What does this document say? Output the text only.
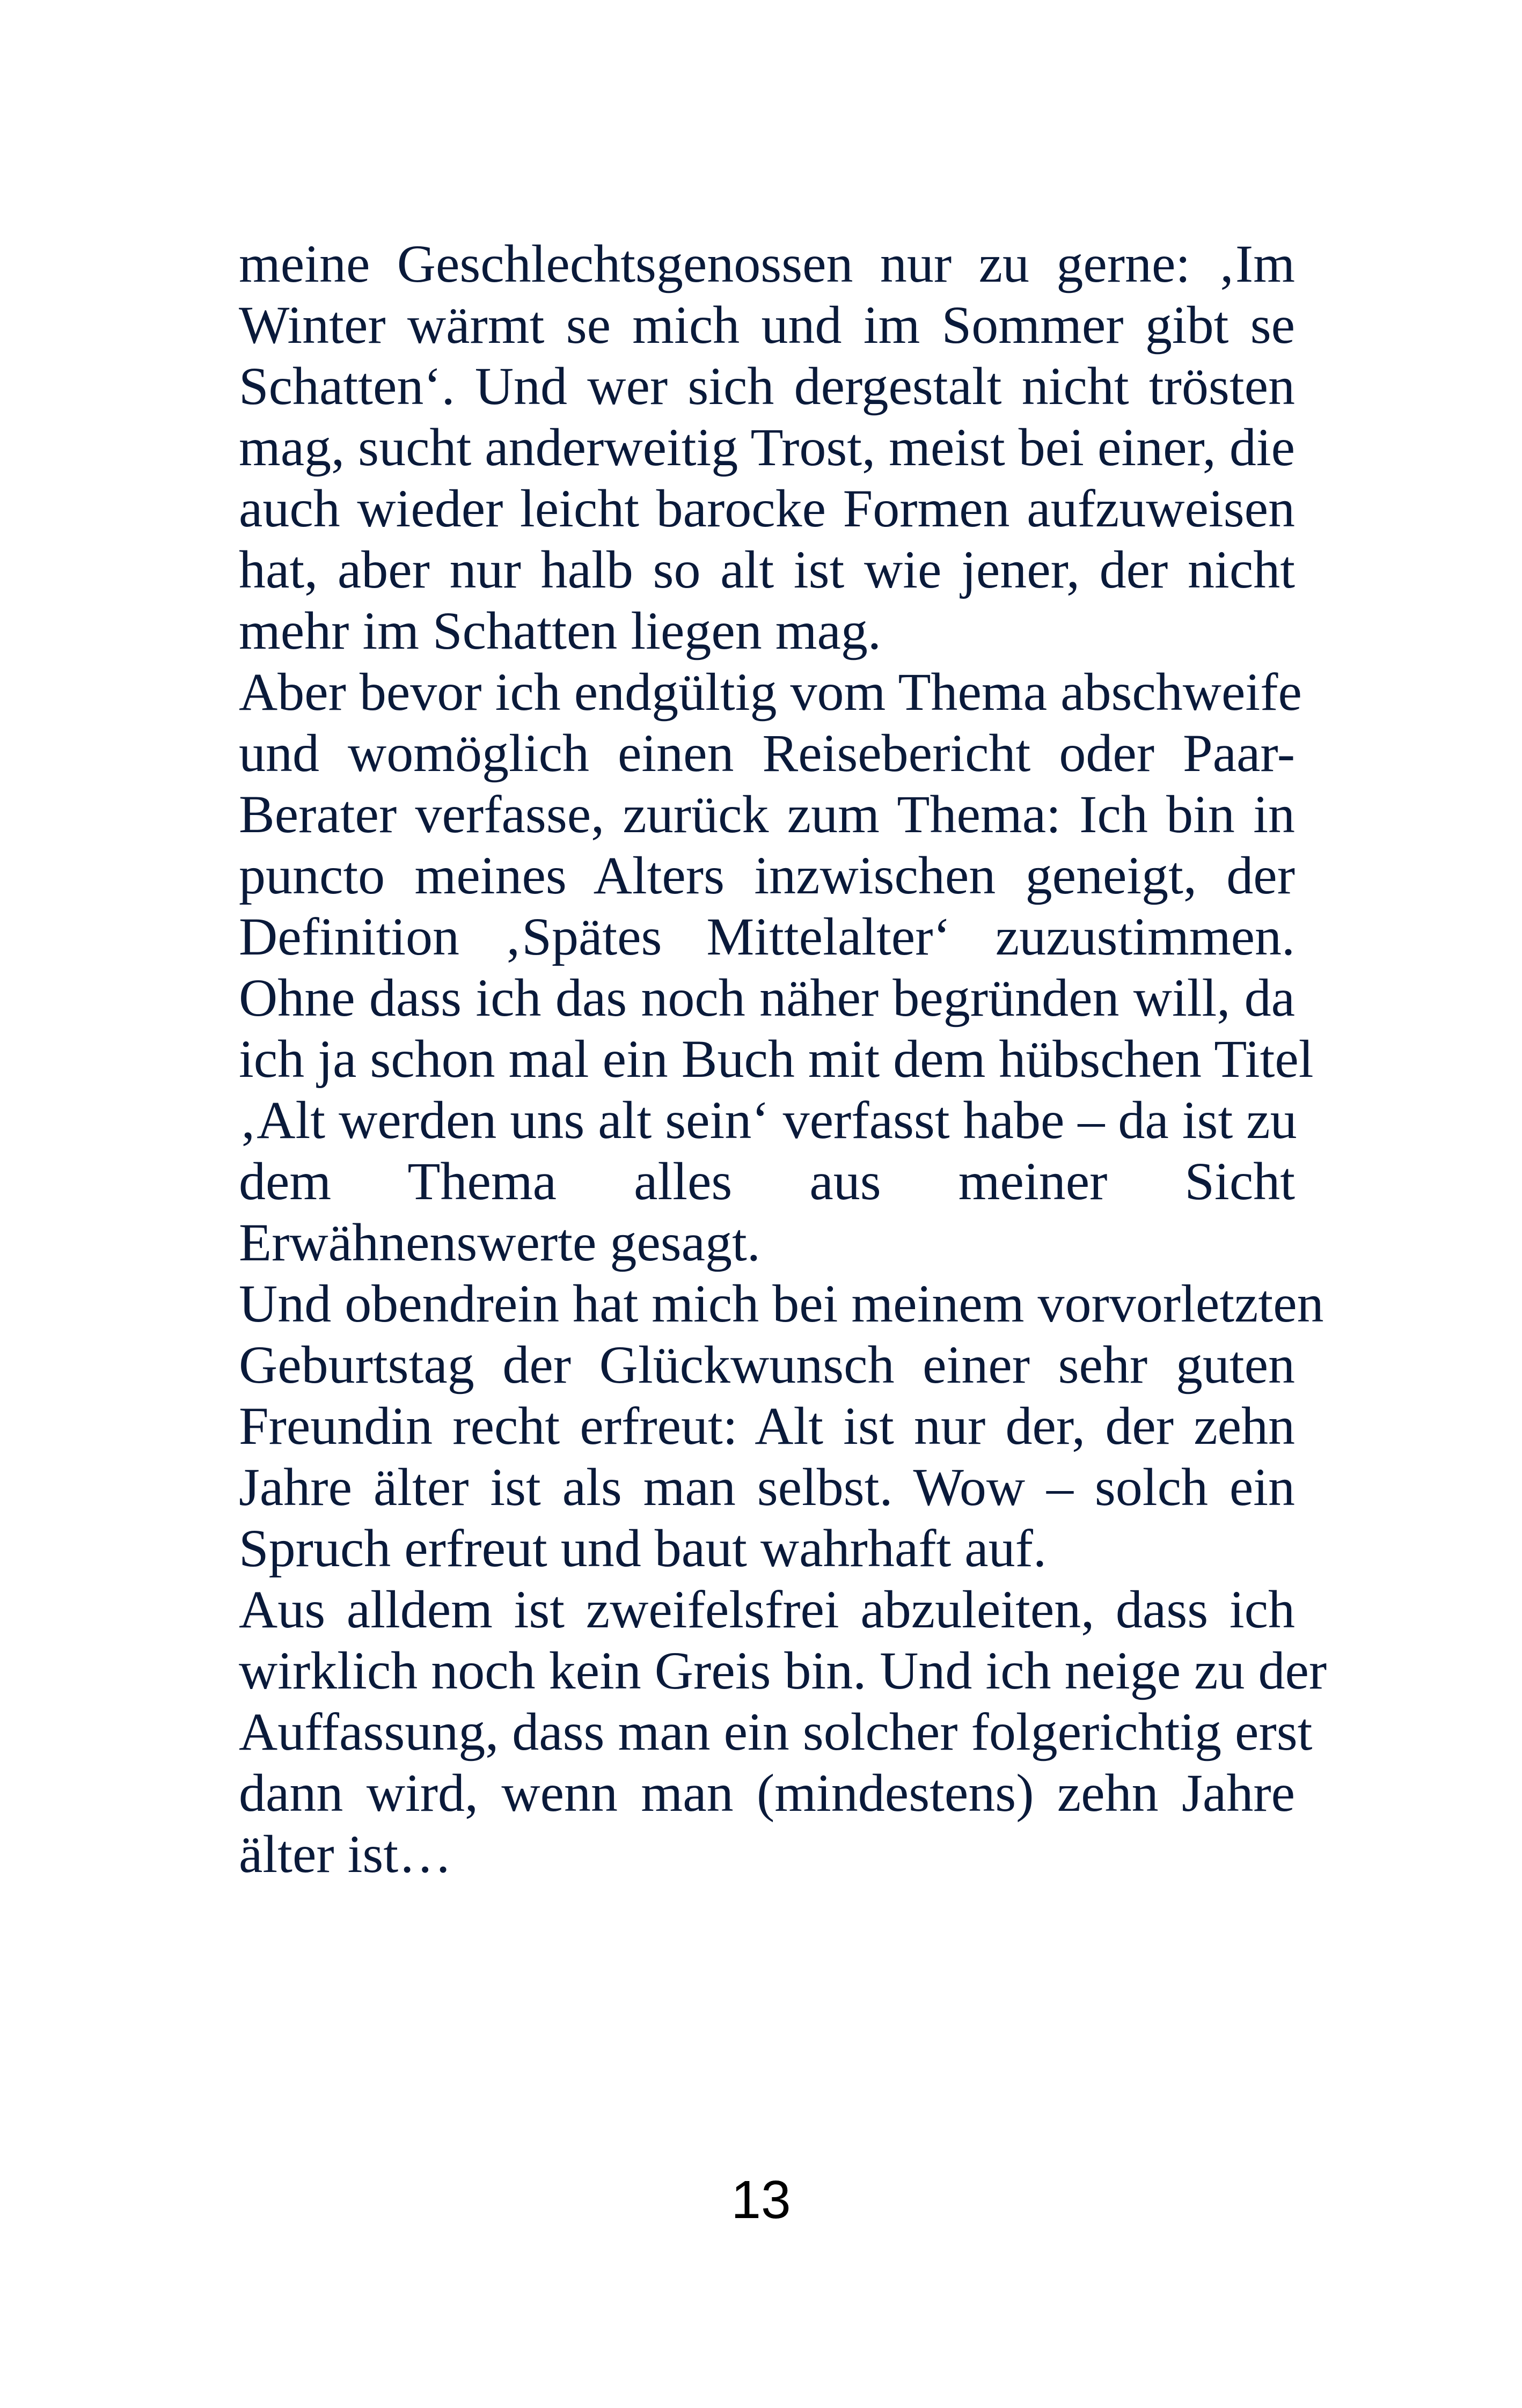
meine Geschlechtsgenossen nur zu gerne: ‚Im
Winter wärmt se mich und im Sommer gibt se
Schatten‘. Und wer sich dergestalt nicht trösten
mag, sucht anderweitig Trost, meist bei einer, die
auch wieder leicht barocke Formen aufzuweisen
hat, aber nur halb so alt ist wie jener, der nicht
mehr im Schatten liegen mag.

Aber bevor ich endgültig vom Thema abschweife
und womöglich einen Reisebericht oder Paar-
Berater verfasse, zurück zum Thema: Ich bin in
puncto meines Alters inzwischen geneigt, der
Definition ‚Spätes Mittelalter‘ zuzustimmen.
Ohne dass ich das noch näher begründen will, da
ich ja schon mal ein Buch mit dem hübschen Titel
‚Alt werden uns alt sein‘ verfasst habe – da ist zu
dem Thema alles aus meiner Sicht
Erwähnenswerte gesagt.

Und obendrein hat mich bei meinem vorvorletzten
Geburtstag der Glückwunsch einer sehr guten
Freundin recht erfreut: Alt ist nur der, der zehn
Jahre älter ist als man selbst. Wow – solch ein
Spruch erfreut und baut wahrhaft auf.

Aus alldem ist zweifelsfrei abzuleiten, dass ich
wirklich noch kein Greis bin. Und ich neige zu der
Auffassung, dass man ein solcher folgerichtig erst
dann wird, wenn man (mindestens) zehn Jahre
älter ist…

13
